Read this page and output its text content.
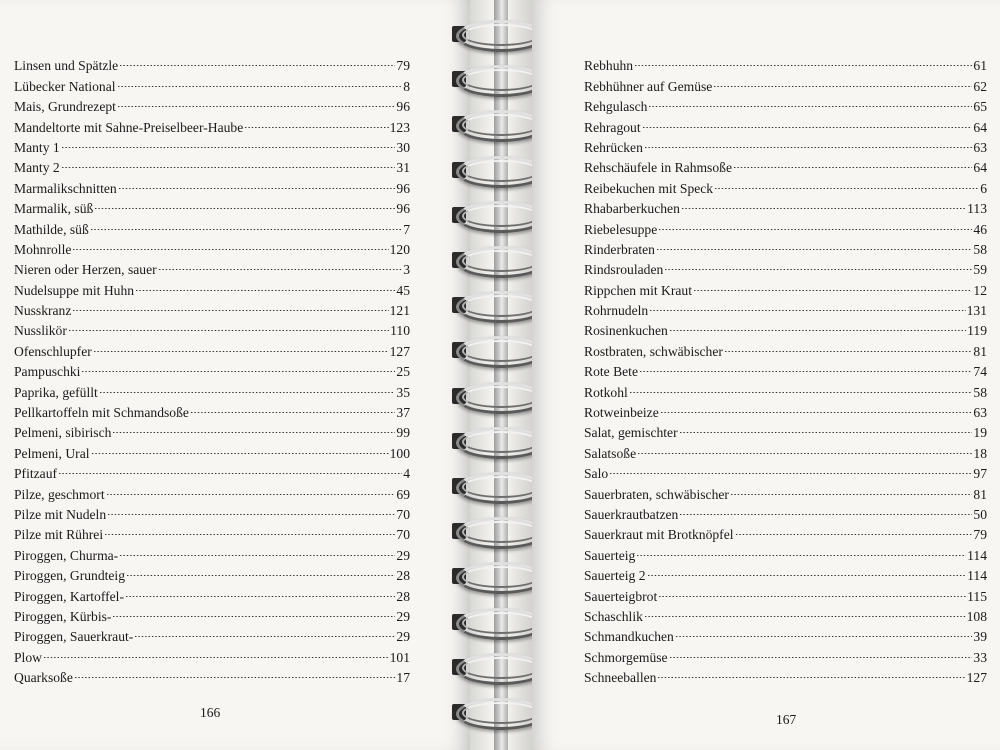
Linsen und Spätzle	79
Lübecker National	8
Mais, Grundrezept	96
Mandeltorte mit Sahne-Preiselbeer-Haube	123
Manty 1	30
Manty 2	31
Marmalikschnitten	96
Marmalik, süß	96
Mathilde, süß	7
Mohnrolle	120
Nieren oder Herzen, sauer	3
Nudelsuppe mit Huhn	45
Nusskranz	121
Nusslikör	110
Ofenschlupfer	127
Pampuschki	25
Paprika, gefüllt	35
Pellkartoffeln mit Schmandsoße	37
Pelmeni, sibirisch	99
Pelmeni, Ural	100
Pfitzauf	4
Pilze, geschmort	69
Pilze mit Nudeln	70
Pilze mit Rührei	70
Piroggen, Churma-	29
Piroggen, Grundteig	28
Piroggen, Kartoffel-	28
Piroggen, Kürbis-	29
Piroggen, Sauerkraut-	29
Plow	101
Quarksoße	17
166
Rebhuhn	61
Rebhühner auf Gemüse	62
Rehgulasch	65
Rehragout	64
Rehrücken	63
Rehschäufele in Rahmsoße	64
Reibekuchen mit Speck	6
Rhabarberkuchen	113
Riebelesuppe	46
Rinderbraten	58
Rindsrouladen	59
Rippchen mit Kraut	12
Rohrnudeln	131
Rosinenkuchen	119
Rostbraten, schwäbischer	81
Rote Bete	74
Rotkohl	58
Rotweinbeize	63
Salat, gemischter	19
Salatsoße	18
Salo	97
Sauerbraten, schwäbischer	81
Sauerkrautbatzen	50
Sauerkraut mit Brotknöpfel	79
Sauerteig	114
Sauerteig 2	114
Sauerteigbrot	115
Schaschlik	108
Schmandkuchen	39
Schmorgemüse	33
Schneeballen	127
167
